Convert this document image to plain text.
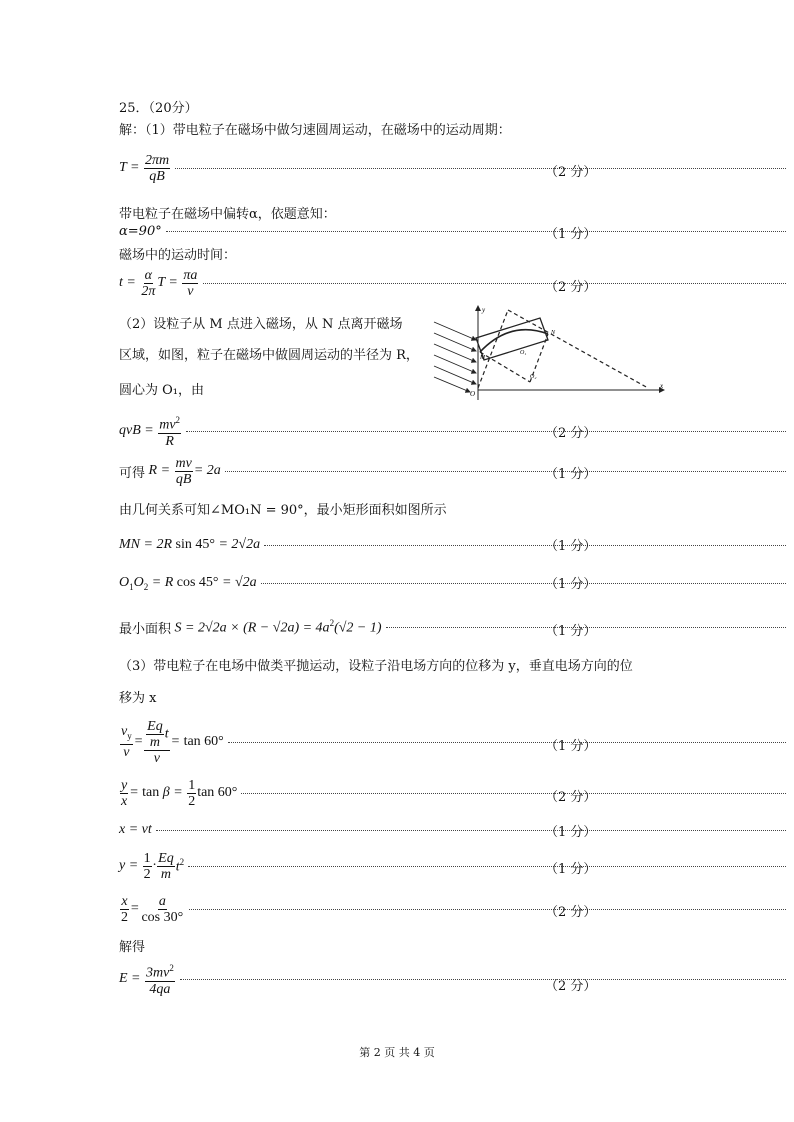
25．（20分）
解：（1）带电粒子在磁场中做匀速圆周运动，在磁场中的运动周期：
$T = \frac{2\pi m}{qB}$	（2 分）
带电粒子在磁场中偏转α，依题意知：
α=90°	（1 分）
磁场中的运动时间：
$t = \frac{\alpha}{2\pi}$ $T = \frac{\pi a}{v}$	（2 分）
（2）设粒子从 M 点进入磁场，从 N 点离开磁场
区域，如图，粒子在磁场中做圆周运动的半径为 R，
圆心为 O₁，由
y
x
O
M
N
O₁
O₂
qvB = $\frac{mv^2}{R}$	（2 分）
可得 $R = \frac{mv}{qB} = 2a$	（1 分）
由几何关系可知∠MO₁N = 90°，最小矩形面积如图所示
MN = 2R sin 45° = 2√2a	（1 分）
$O_1O_2 = R$ cos 45° = √2a	（1 分）
最小面积 $S = 2√2a \times (R - √2a) = 4a^2(√2 - 1)$	（1 分）
（3）带电粒子在电场中做类平抛运动，设粒子沿电场方向的位移为 y，垂直电场方向的位
移为 x
$\frac{v_y}{v} = \frac{\frac{Eq}{m} t}{v} = \tan 60^\circ$	（1 分）
$\frac{y}{x} = \tan \beta = \frac{1}{2}$ tan 60°	（2 分）
x = vt	（1 分）
$y = \frac{1}{2} \cdot \frac{Eq}{m} t^2$
（1 分）
$\frac{x}{2} = \frac{a}{\cos 30^\circ}$	（2 分）
解得
$E = \frac{3mv^2}{4qa}$	（2 分）
第 2 页 共 4 页
